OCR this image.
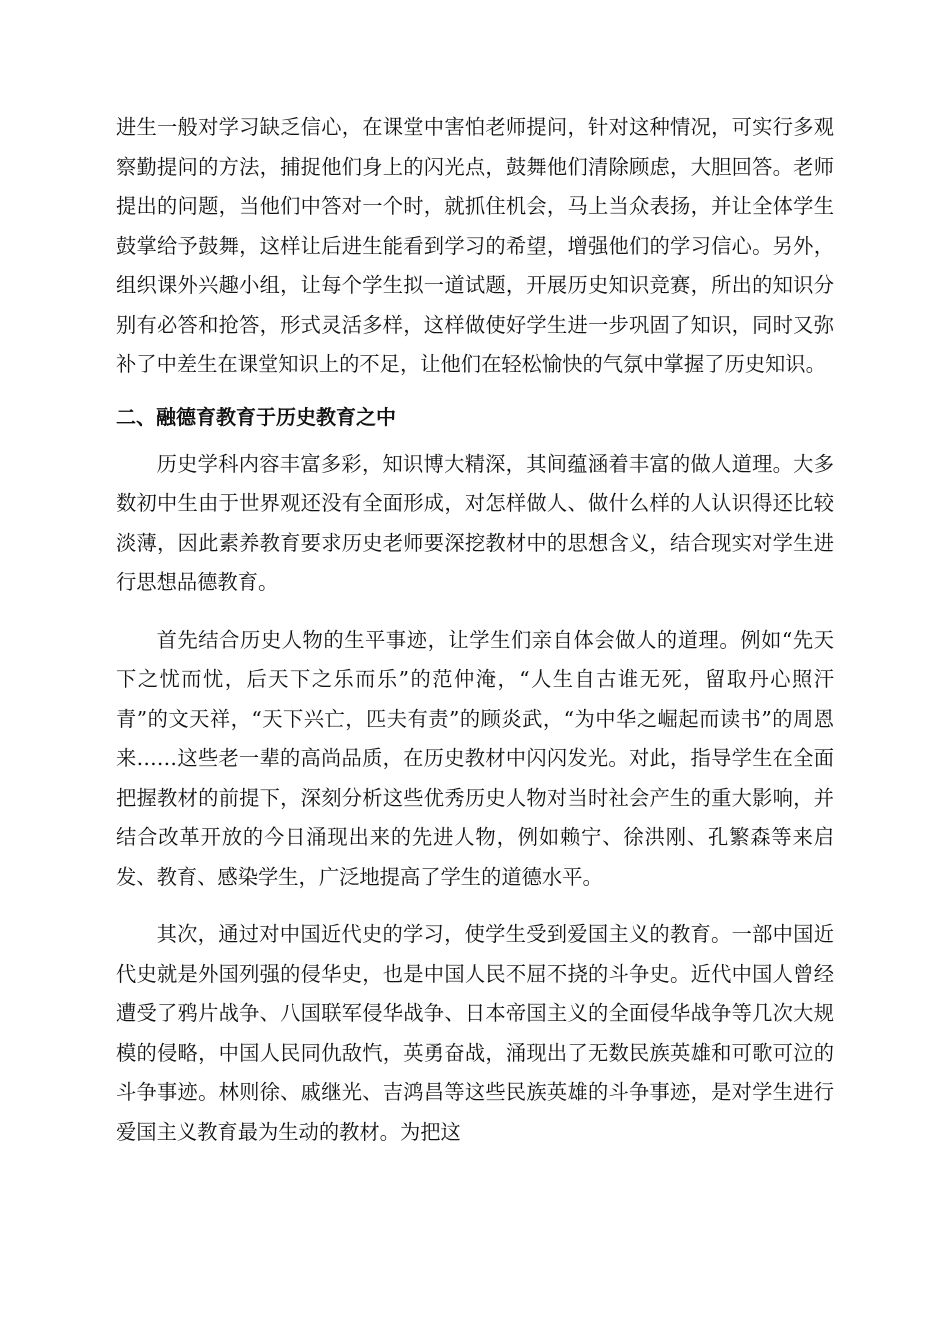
进生一般对学习缺乏信心，在课堂中害怕老师提问，针对这种情况，可实行多观察勤提问的方法，捕捉他们身上的闪光点，鼓舞他们清除顾虑，大胆回答。老师提出的问题，当他们中答对一个时，就抓住机会，马上当众表扬，并让全体学生鼓掌给予鼓舞，这样让后进生能看到学习的希望，增强他们的学习信心。另外，组织课外兴趣小组，让每个学生拟一道试题，开展历史知识竞赛，所出的知识分别有必答和抢答，形式灵活多样，这样做使好学生进一步巩固了知识，同时又弥补了中差生在课堂知识上的不足，让他们在轻松愉快的气氛中掌握了历史知识。

二、融德育教育于历史教育之中

历史学科内容丰富多彩，知识博大精深，其间蕴涵着丰富的做人道理。大多数初中生由于世界观还没有全面形成，对怎样做人、做什么样的人认识得还比较淡薄，因此素养教育要求历史老师要深挖教材中的思想含义，结合现实对学生进行思想品德教育。

首先结合历史人物的生平事迹，让学生们亲自体会做人的道理。例如“先天下之忧而忧，后天下之乐而乐”的范仲淹，“人生自古谁无死，留取丹心照汗青”的文天祥，“天下兴亡，匹夫有责”的顾炎武，“为中华之崛起而读书”的周恩来……这些老一辈的高尚品质，在历史教材中闪闪发光。对此，指导学生在全面把握教材的前提下，深刻分析这些优秀历史人物对当时社会产生的重大影响，并结合改革开放的今日涌现出来的先进人物，例如赖宁、徐洪刚、孔繁森等来启发、教育、感染学生，广泛地提高了学生的道德水平。

其次，通过对中国近代史的学习，使学生受到爱国主义的教育。一部中国近代史就是外国列强的侵华史，也是中国人民不屈不挠的斗争史。近代中国人曾经遭受了鸦片战争、八国联军侵华战争、日本帝国主义的全面侵华战争等几次大规模的侵略，中国人民同仇敌忾，英勇奋战，涌现出了无数民族英雄和可歌可泣的斗争事迹。林则徐、戚继光、吉鸿昌等这些民族英雄的斗争事迹，是对学生进行爱国主义教育最为生动的教材。为把这
